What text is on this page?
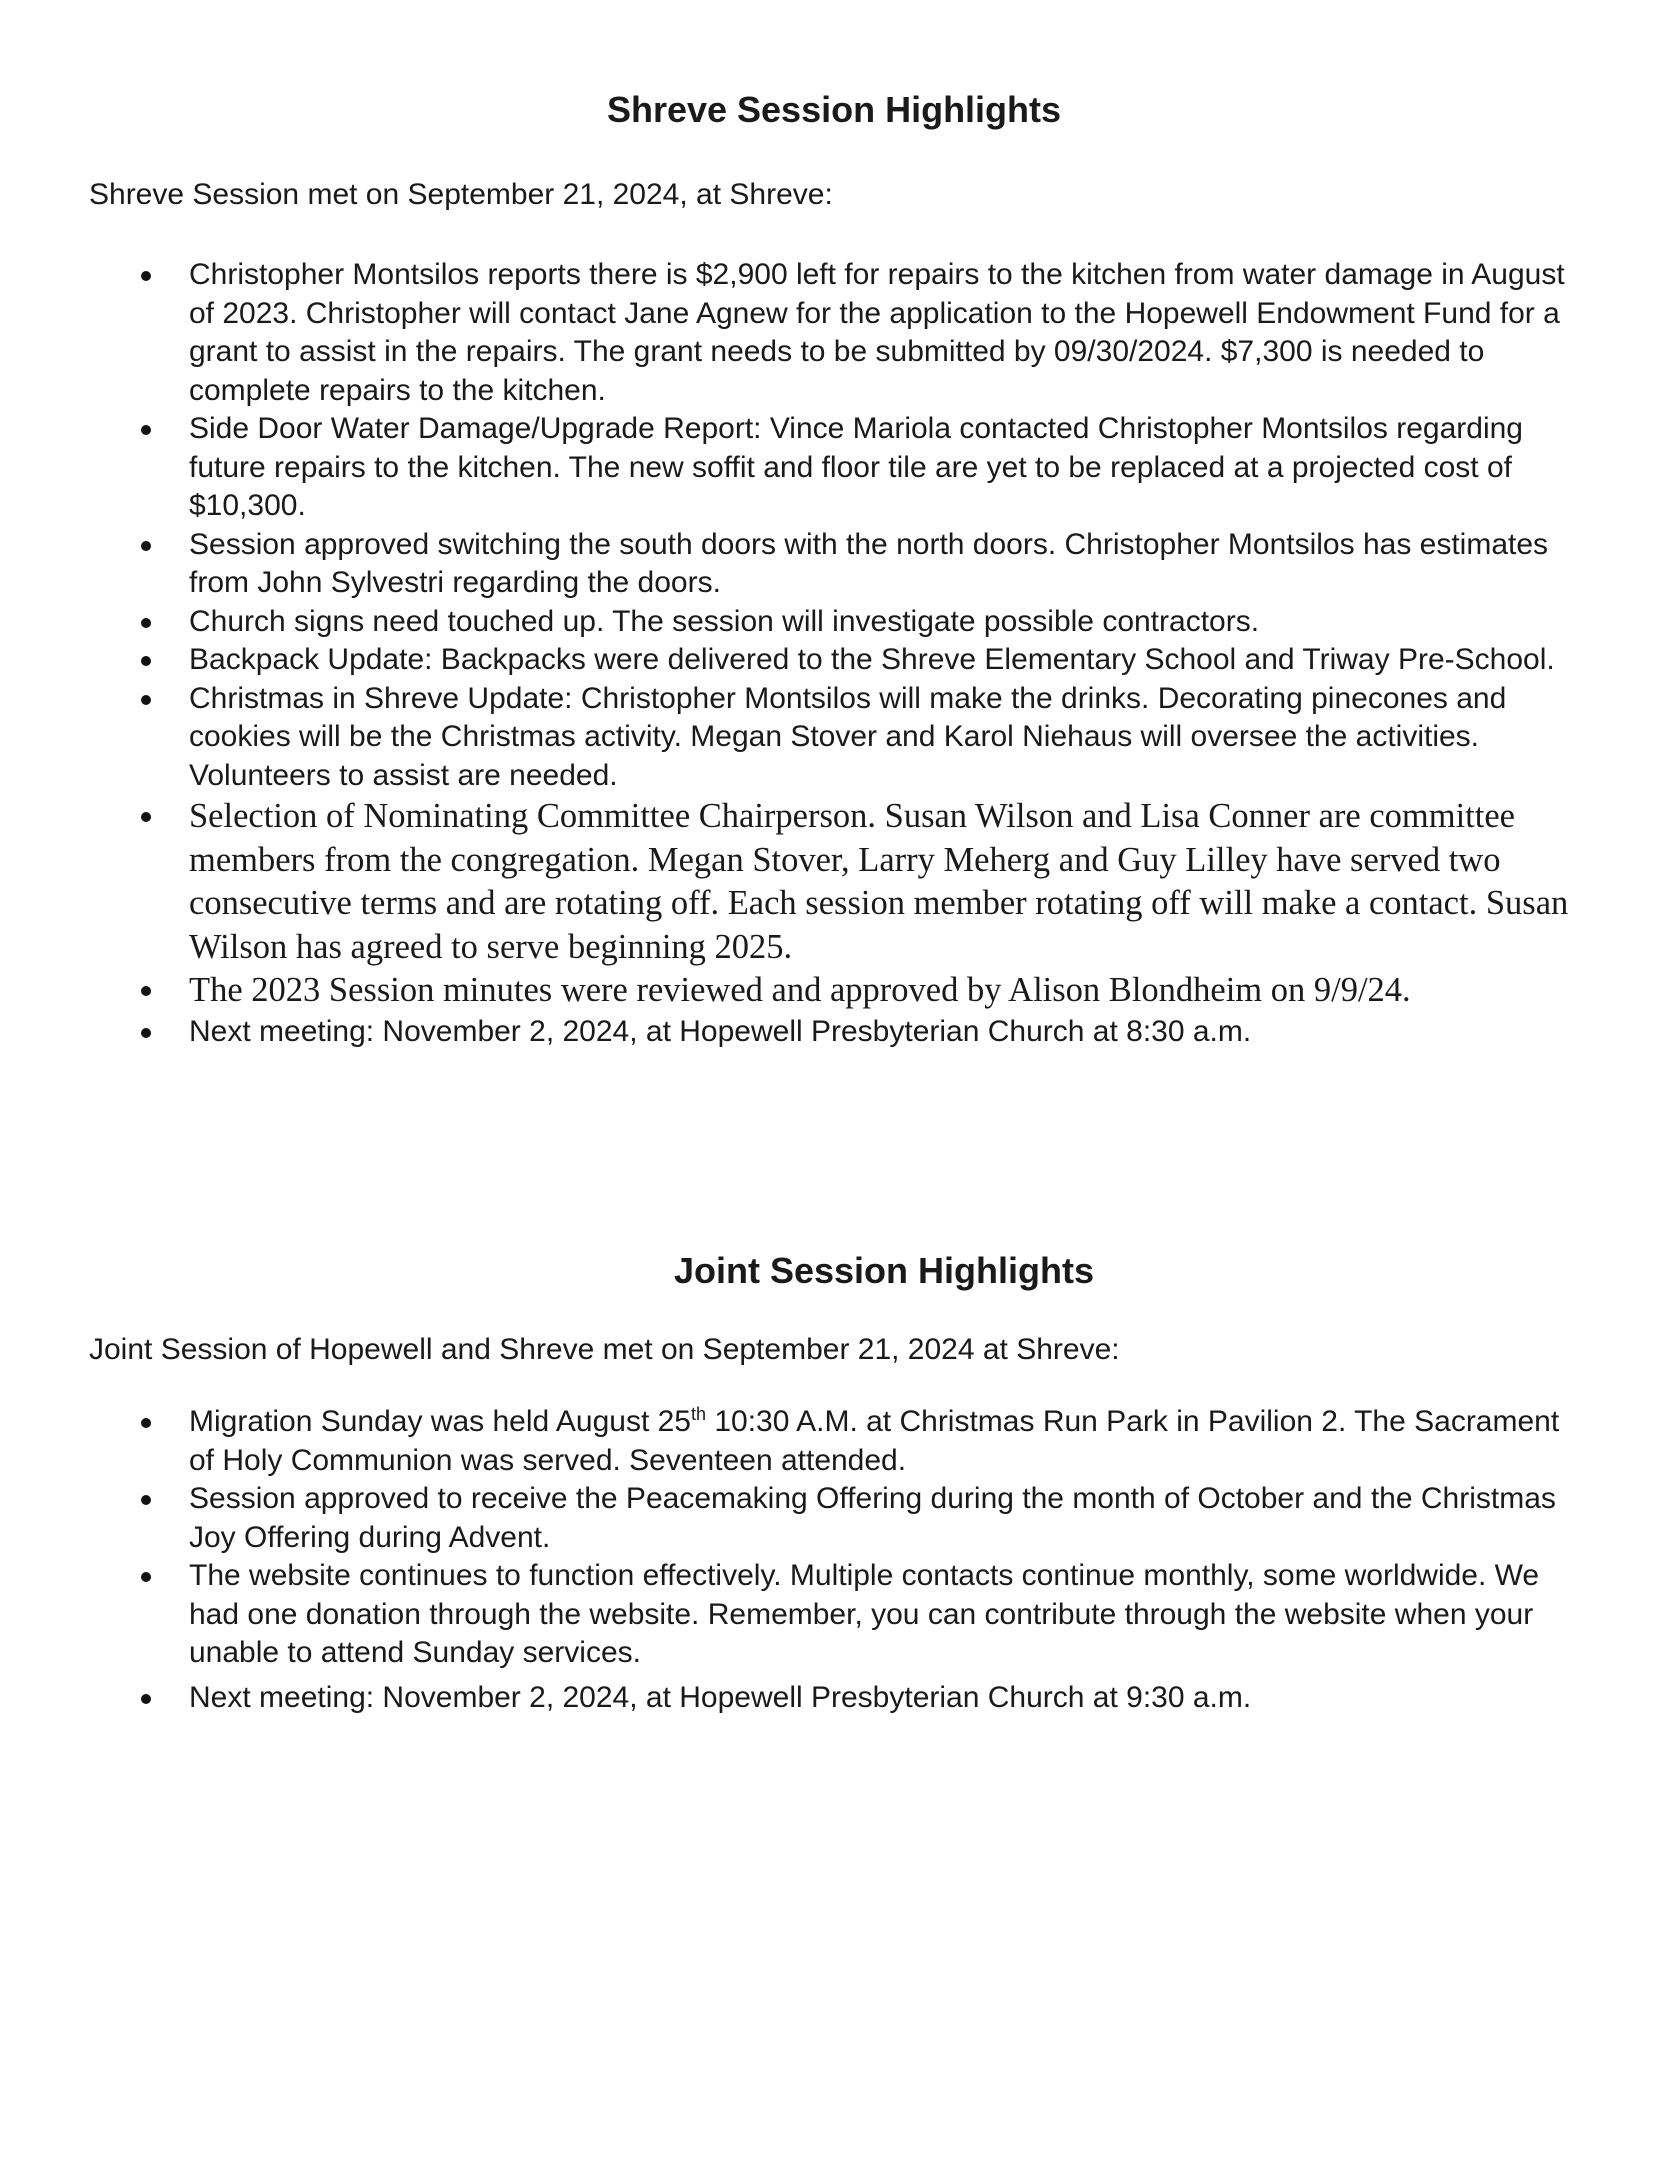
Shreve Session Highlights

Shreve Session met on September 21, 2024, at Shreve:

Christopher Montsilos reports there is $2,900 left for repairs to the kitchen from water damage in August of 2023. Christopher will contact Jane Agnew for the application to the Hopewell Endowment Fund for a grant to assist in the repairs. The grant needs to be submitted by 09/30/2024. $7,300 is needed to complete repairs to the kitchen.
Side Door Water Damage/Upgrade Report: Vince Mariola contacted Christopher Montsilos regarding future repairs to the kitchen. The new soffit and floor tile are yet to be replaced at a projected cost of $10,300.
Session approved switching the south doors with the north doors. Christopher Montsilos has estimates from John Sylvestri regarding the doors.
Church signs need touched up. The session will investigate possible contractors.
Backpack Update: Backpacks were delivered to the Shreve Elementary School and Triway Pre-School.
Christmas in Shreve Update: Christopher Montsilos will make the drinks. Decorating pinecones and cookies will be the Christmas activity. Megan Stover and Karol Niehaus will oversee the activities. Volunteers to assist are needed.
Selection of Nominating Committee Chairperson. Susan Wilson and Lisa Conner are committee members from the congregation. Megan Stover, Larry Meherg and Guy Lilley have served two consecutive terms and are rotating off. Each session member rotating off will make a contact. Susan Wilson has agreed to serve beginning 2025.
The 2023 Session minutes were reviewed and approved by Alison Blondheim on 9/9/24.
Next meeting: November 2, 2024, at Hopewell Presbyterian Church at 8:30 a.m.
Joint Session Highlights

Joint Session of Hopewell and Shreve met on September 21, 2024 at Shreve:

Migration Sunday was held August 25th 10:30 A.M. at Christmas Run Park in Pavilion 2. The Sacrament of Holy Communion was served. Seventeen attended.
Session approved to receive the Peacemaking Offering during the month of October and the Christmas Joy Offering during Advent.
The website continues to function effectively. Multiple contacts continue monthly, some worldwide. We had one donation through the website. Remember, you can contribute through the website when your unable to attend Sunday services.
Next meeting: November 2, 2024, at Hopewell Presbyterian Church at 9:30 a.m.
